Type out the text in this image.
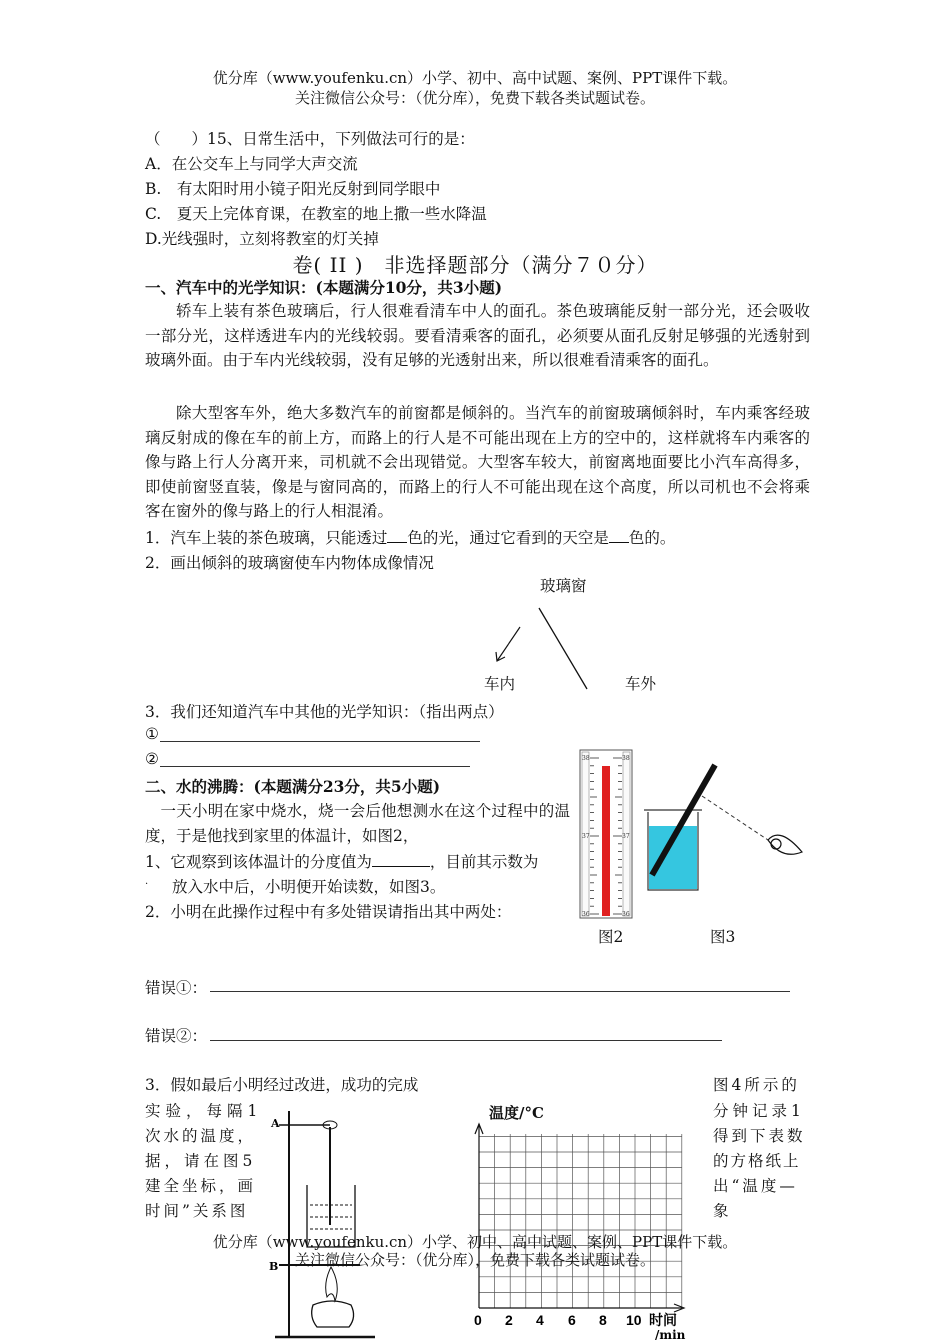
优分库（www.youfenku.cn）小学、初中、高中试题、案例、PPT课件下载。
关注微信公众号：（优分库），免费下载各类试题试卷。
（　　）15、日常生活中，下列做法可行的是：
A．在公交车上与同学大声交流
B.　有太阳时用小镜子阳光反射到同学眼中
C.　夏天上完体育课，在教室的地上撒一些水降温
D.光线强时，立刻将教室的灯关掉
卷( II )　非选择题部分（满分７０分）
一、汽车中的光学知识：(本题满分10分，共3小题)
轿车上装有茶色玻璃后，行人很难看清车中人的面孔。茶色玻璃能反射一部分光，还会吸收一部分光，这样透进车内的光线较弱。要看清乘客的面孔，必须要从面孔反射足够强的光透射到玻璃外面。由于车内光线较弱，没有足够的光透射出来，所以很难看清乘客的面孔。
除大型客车外，绝大多数汽车的前窗都是倾斜的。当汽车的前窗玻璃倾斜时，车内乘客经玻璃反射成的像在车的前上方，而路上的行人是不可能出现在上方的空中的，这样就将车内乘客的像与路上行人分离开来，司机就不会出现错觉。大型客车较大，前窗离地面要比小汽车高得多，即使前窗竖直装，像是与窗同高的，而路上的行人不可能出现在这个高度，所以司机也不会将乘客在窗外的像与路上的行人相混淆。
1．汽车上装的茶色玻璃，只能透过 色的光，通过它看到的天空是 色的。
2．画出倾斜的玻璃窗使车内物体成像情况
玻璃窗
车内	车外
3．我们还知道汽车中其他的光学知识：（指出两点）
①
②
二、水的沸腾：(本题满分23分，共5小题)
一天小明在家中烧水，烧一会后他想测水在这个过程中的温度，于是他找到家里的体温计，如图2，
1、它观察到该体温计的分度值为	，目前其示数为
. 放入水中后，小明便开始读数，如图3。
2．小明在此操作过程中有多处错误请指出其中两处：
38	38
37	37
36	36
图2	图3
错误①：
错误②：
3．假如最后小明经过改进，成功的完成
实验，每隔1
次水的温度，
据，请在图5
建全坐标，画
时间”关系图
图4所示的
分钟记录1
得到下表数
的方格纸上
出“温度—
象
A
B
温度/°C
0 2 4 6 8 10 时间
/min
优分库（www.youfenku.cn）小学、初中、高中试题、案例、PPT课件下载。
关注微信公众号：（优分库），免费下载各类试题试卷。
